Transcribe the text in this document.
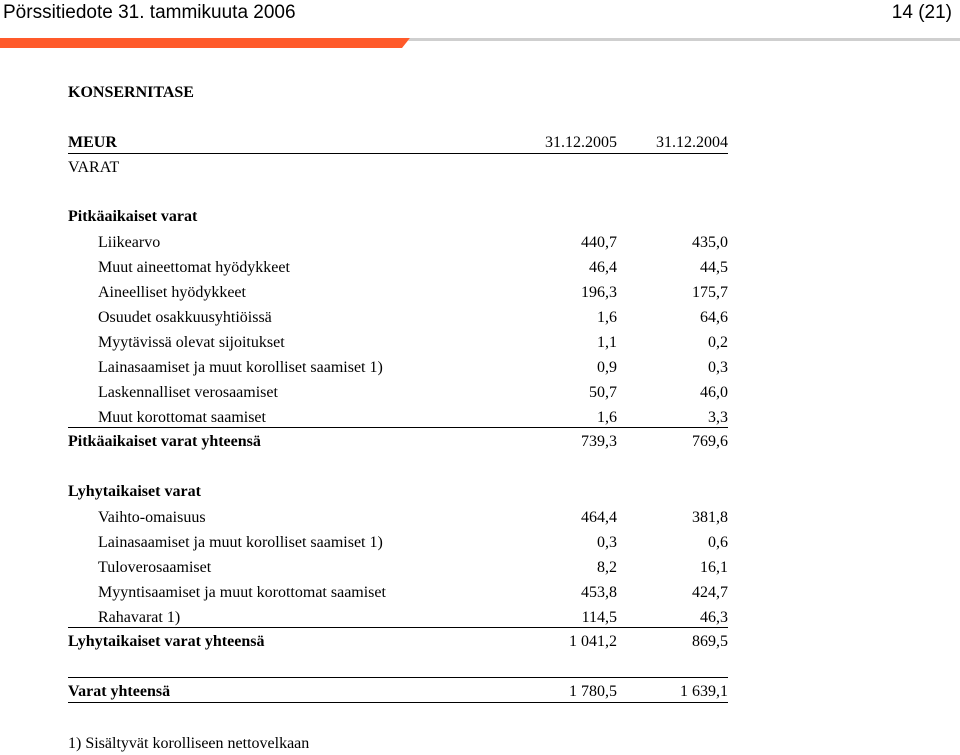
Pörssitiedote 31. tammikuuta 2006	14 (21)
KONSERNITASE
MEUR	31.12.2005 31.12.2004
VARAT
Pitkäaikaiset varat
Liikearvo	440,7	435,0
Muut aineettomat hyödykkeet	46,4	44,5
Aineelliset hyödykkeet	196,3	175,7
Osuudet osakkuusyhtiöissä	1,6	64,6
Myytävissä olevat sijoitukset	1,1	0,2
Lainasaamiset ja muut korolliset saamiset 1)	0,9	0,3
Laskennalliset verosaamiset	50,7	46,0
Muut korottomat saamiset	1,6	3,3
Pitkäaikaiset varat yhteensä	739,3	769,6
Lyhytaikaiset varat
Vaihto-omaisuus	464,4	381,8
Lainasaamiset ja muut korolliset saamiset 1)	0,3	0,6
Tuloverosaamiset	8,2	16,1
Myyntisaamiset ja muut korottomat saamiset	453,8	424,7
Rahavarat 1)	114,5	46,3
Lyhytaikaiset varat yhteensä	1 041,2	869,5
Varat yhteensä	1 780,5	1 639,1
1) Sisältyvät korolliseen nettovelkaan
